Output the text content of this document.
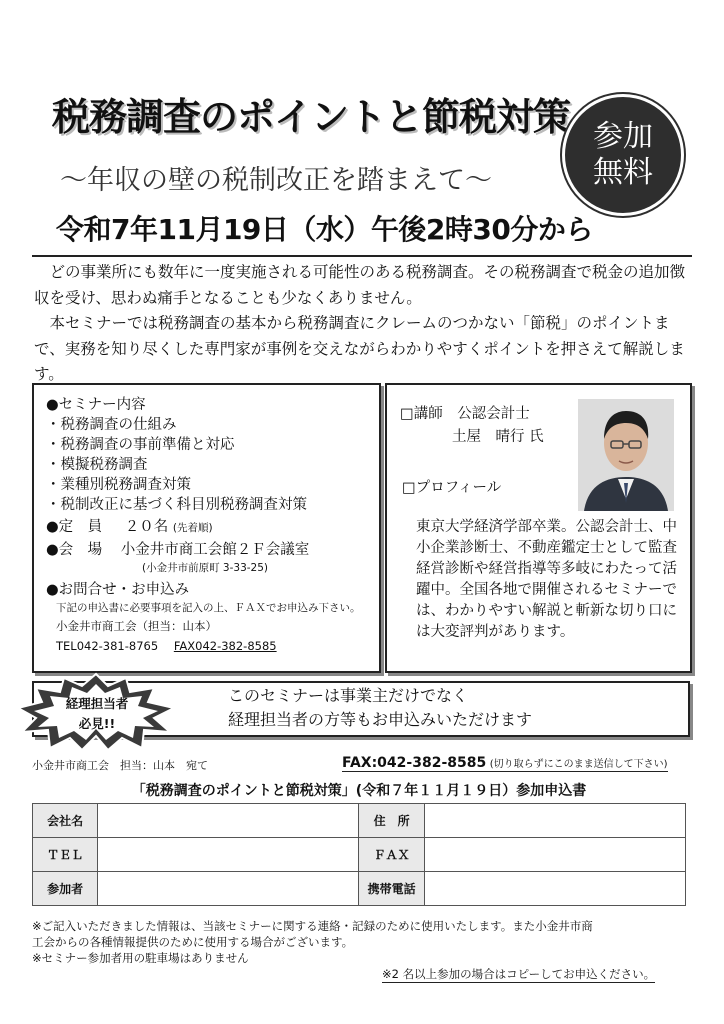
税務調査のポイントと節税対策
～年収の壁の税制改正を踏まえて～
令和7年11月19日（水）午後2時30分から
参加
無料

どの事業所にも数年に一度実施される可能性のある税務調査。その税務調査で税金の追加徴収を受け、思わぬ痛手となることも少なくありません。

本セミナーでは税務調査の基本から税務調査にクレームのつかない「節税」のポイントまで、実務を知り尽くした専門家が事例を交えながらわかりやすくポイントを押さえて解説します。

●セミナー内容
・税務調査の仕組み
・税務調査の事前準備と対応
・模擬税務調査
・業種別税務調査対策
・税制改正に基づく科目別税務調査対策
●定　員 ２０名 (先着順)
●会　場 小金井市商工会館２Ｆ会議室
(小金井市前原町 3-33-25)
●お問合せ・お申込み
下記の申込書に必要事項を記入の上、ＦＡＸでお申込み下さい。
小金井市商工会（担当：山本）
TEL042-381-8765 FAX042-382-8585
□講師　公認会計士
土屋　晴行 氏
□プロフィール
東京大学経済学部卒業。公認会計士、中小企業診断士、不動産鑑定士として監査経営診断や経営指導等多岐にわたって活躍中。全国各地で開催されるセミナーでは、わかりやすい解説と斬新な切り口には大変評判があります。
経理担当者
必見!!
このセミナーは事業主だけでなく
経理担当者の方等もお申込みいただけます
小金井市商工会　担当：山本　宛て	FAX:042-382-8585 (切り取らずにこのまま送信して下さい)
「税務調査のポイントと節税対策」(令和７年１１月１９日）参加申込書
会社名		住　所	
ＴＥＬ		ＦＡＸ	
参加者		携帯電話	
※ご記入いただきました情報は、当該セミナーに関する連絡・記録のために使用いたします。また小金井市商
工会からの各種情報提供のために使用する場合がございます。
※セミナー参加者用の駐車場はありません
※2 名以上参加の場合はコピーしてお申込ください。
